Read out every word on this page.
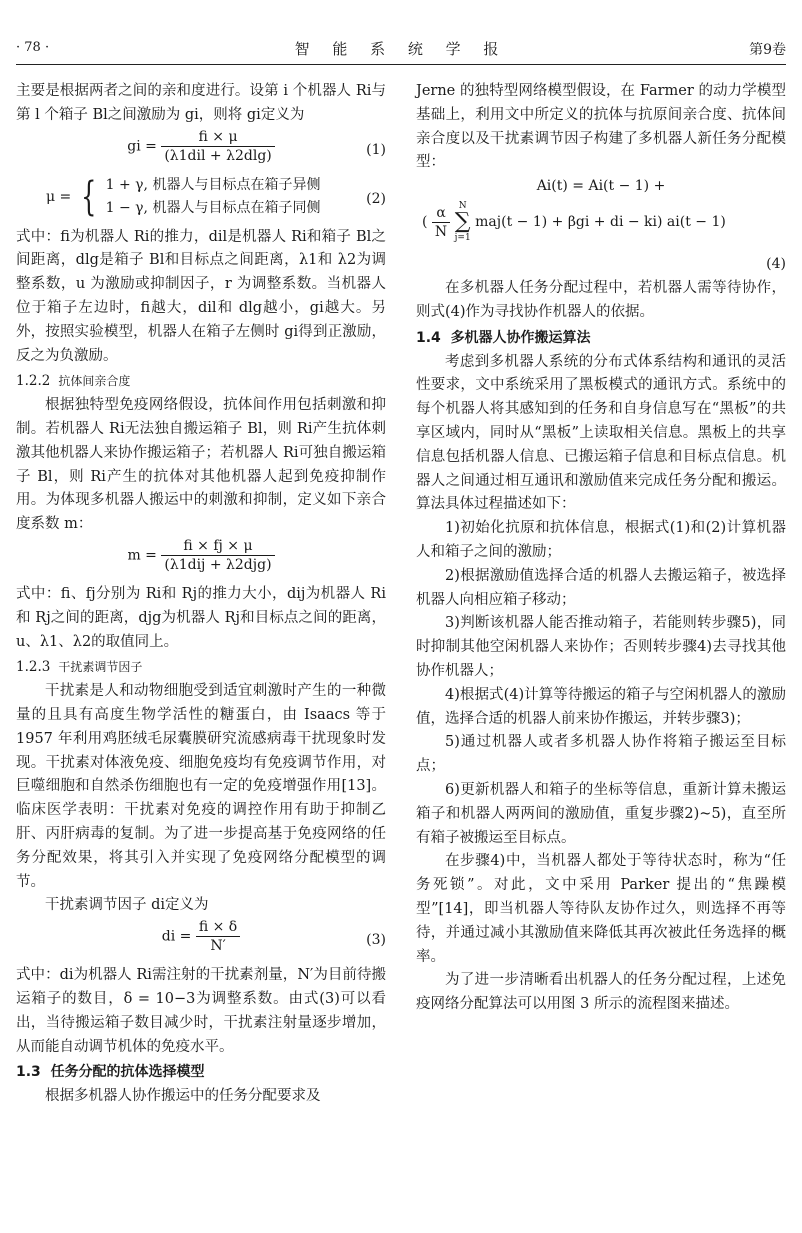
· 78 ·	智 能 系 统 学 报	第9卷

主要是根据两者之间的亲和度进行。设第 i 个机器人 Ri与第 l 个箱子 Bl之间激励为 gi，则将 gi定义为

gi = $\frac{fi \times \mu}{\text{(λ1dil + λ2dlg)}}$	(1)
μ = { 1 + γ, 机器人与目标点在箱子异侧
1 − γ, 机器人与目标点在箱子同侧
(2)

式中：fi为机器人 Ri的推力，dil是机器人 Ri和箱子 Bl之间距离，dlg是箱子 Bl和目标点之间距离，λ1和 λ2为调整系数，u 为激励或抑制因子，r 为调整系数。当机器人位于箱子左边时，fi越大，dil和 dlg越小，gi越大。另外，按照实验模型，机器人在箱子左侧时 gi得到正激励，反之为负激励。

1.2.2 抗体间亲合度

根据独特型免疫网络假设，抗体间作用包括刺激和抑制。若机器人 Ri无法独自搬运箱子 Bl，则 Ri产生抗体刺激其他机器人来协作搬运箱子；若机器人 Ri可独自搬运箱子 Bl，则 Ri产生的抗体对其他机器人起到免疫抑制作用。为体现多机器人搬运中的刺激和抑制，定义如下亲合度系数 m：

$m = \frac{fi \times fj \times \mu}{\text{(λ1dij + λ2djg)}}$

式中：fi、fj分别为 Ri和 Rj的推力大小，dij为机器人 Ri和 Rj之间的距离，djg为机器人 Rj和目标点之间的距离，u、λ1、λ2的取值同上。

1.2.3 干扰素调节因子

干扰素是人和动物细胞受到适宜刺激时产生的一种微量的且具有高度生物学活性的糖蛋白，由 Isaacs 等于 1957 年利用鸡胚绒毛尿囊膜研究流感病毒干扰现象时发现。干扰素对体液免疫、细胞免疫均有免疫调节作用，对巨噬细胞和自然杀伤细胞也有一定的免疫增强作用[13]。临床医学表明：干扰素对免疫的调控作用有助于抑制乙肝、丙肝病毒的复制。为了进一步提高基于免疫网络的任务分配效果，将其引入并实现了免疫网络分配模型的调节。

干扰素调节因子 di定义为

di = $\frac{fi \times \delta}{N'}$	(3)

式中：di为机器人 Ri需注射的干扰素剂量，N′为目前待搬运箱子的数目，δ = 10−3为调整系数。由式(3)可以看出，当待搬运箱子数目减少时，干扰素注射量逐步增加，从而能自动调节机体的免疫水平。

1.3 任务分配的抗体选择模型

根据多机器人协作搬运中的任务分配要求及

Jerne 的独特型网络模型假设，在 Farmer 的动力学模型基础上，利用文中所定义的抗体与抗原间亲合度、抗体间亲合度以及干扰素调节因子构建了多机器人新任务分配模型：

Ai(t) = Ai(t − 1) +
( $\frac{\alpha}{N}$
N
∑
j=1
maj(t − 1) + βgi + di − ki) ai(t − 1)
(4)

在多机器人任务分配过程中，若机器人需等待协作，则式(4)作为寻找协作机器人的依据。

1.4 多机器人协作搬运算法

考虑到多机器人系统的分布式体系结构和通讯的灵活性要求，文中系统采用了黑板模式的通讯方式。系统中的每个机器人将其感知到的任务和自身信息写在“黑板”的共享区域内，同时从“黑板”上读取相关信息。黑板上的共享信息包括机器人信息、已搬运箱子信息和目标点信息。机器人之间通过相互通讯和激励值来完成任务分配和搬运。算法具体过程描述如下：

1)初始化抗原和抗体信息，根据式(1)和(2)计算机器人和箱子之间的激励；

2)根据激励值选择合适的机器人去搬运箱子，被选择机器人向相应箱子移动；

3)判断该机器人能否推动箱子，若能则转步骤5)，同时抑制其他空闲机器人来协作；否则转步骤4)去寻找其他协作机器人；

4)根据式(4)计算等待搬运的箱子与空闲机器人的激励值，选择合适的机器人前来协作搬运，并转步骤3)；

5)通过机器人或者多机器人协作将箱子搬运至目标点；

6)更新机器人和箱子的坐标等信息，重新计算未搬运箱子和机器人两两间的激励值，重复步骤2)~5)，直至所有箱子被搬运至目标点。

在步骤4)中，当机器人都处于等待状态时，称为“任务死锁”。对此，文中采用 Parker 提出的“焦躁模型”[14]，即当机器人等待队友协作过久，则选择不再等待，并通过减小其激励值来降低其再次被此任务选择的概率。

为了进一步清晰看出机器人的任务分配过程，上述免疫网络分配算法可以用图 3 所示的流程图来描述。
